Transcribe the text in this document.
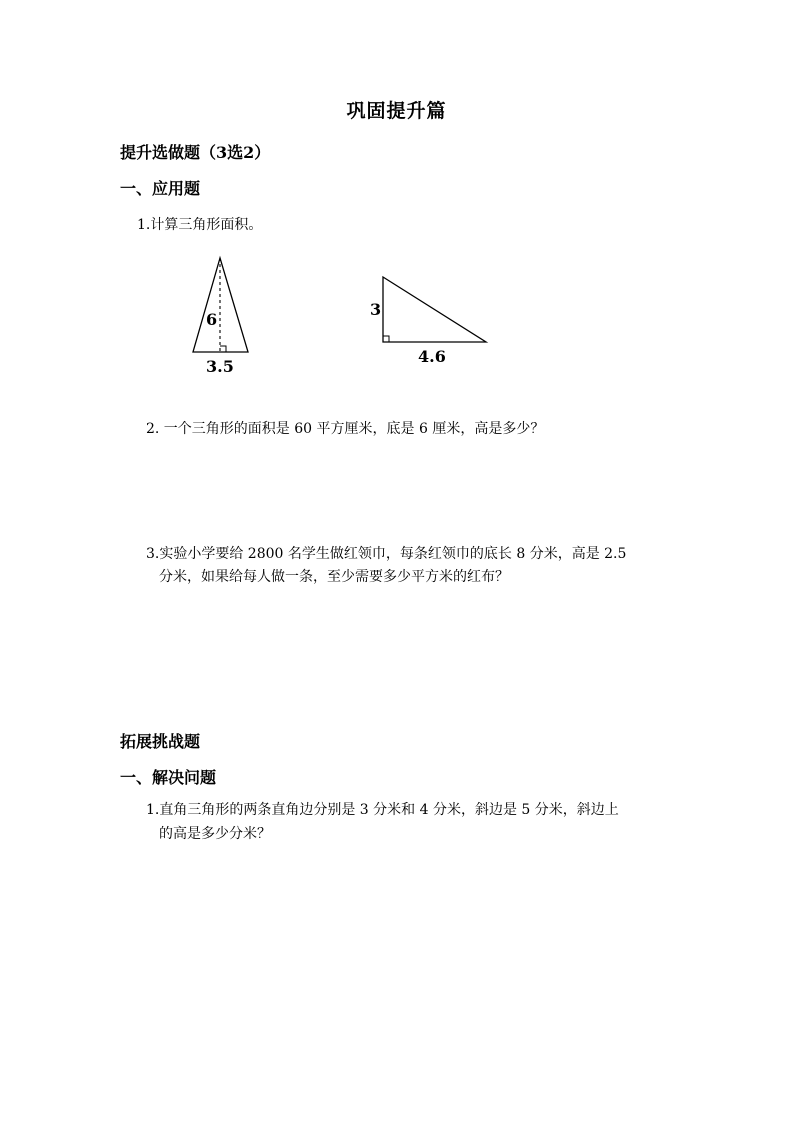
巩固提升篇
提升选做题（3选2）
一、应用题
1.计算三角形面积。
6
3.5
3
4.6
2. 一个三角形的面积是 60 平方厘米，底是 6 厘米，高是多少？
3.实验小学要给 2800 名学生做红领巾，每条红领巾的底长 8 分米，高是 2.5
分米，如果给每人做一条，至少需要多少平方米的红布？
拓展挑战题
一、解决问题
1.直角三角形的两条直角边分别是 3 分米和 4 分米，斜边是 5 分米，斜边上
的高是多少分米？
